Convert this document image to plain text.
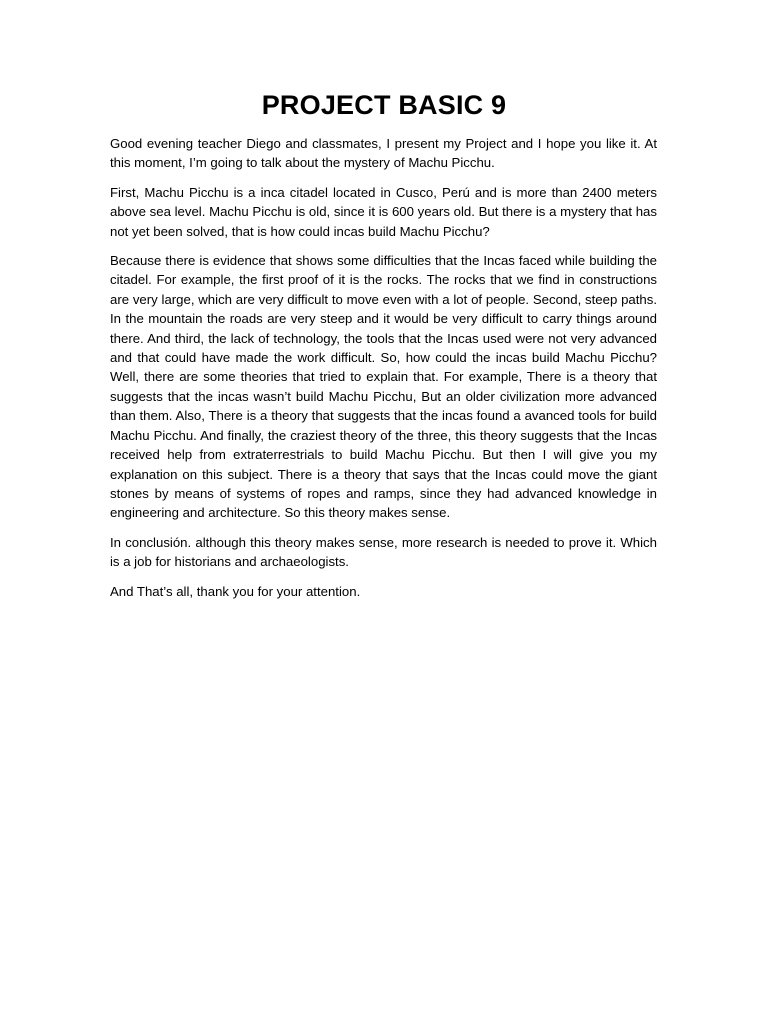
PROJECT BASIC 9

Good evening teacher Diego and classmates, I present my Project and I hope you like it. At this moment, I’m going to talk about the mystery of Machu Picchu.

First, Machu Picchu is a inca citadel located in Cusco, Perú and is more than 2400 meters above sea level. Machu Picchu is old, since it is 600 years old. But there is a mystery that has not yet been solved, that is how could incas build Machu Picchu?

Because there is evidence that shows some difficulties that the Incas faced while building the citadel. For example, the first proof of it is the rocks. The rocks that we find in constructions are very large, which are very difficult to move even with a lot of people. Second, steep paths. In the mountain the roads are very steep and it would be very difficult to carry things around there. And third, the lack of technology, the tools that the Incas used were not very advanced and that could have made the work difficult. So, how could the incas build Machu Picchu? Well, there are some theories that tried to explain that. For example, There is a theory that suggests that the incas wasn’t build Machu Picchu, But an older civilization more advanced than them. Also, There is a theory that suggests that the incas found a avanced tools for build Machu Picchu. And finally, the craziest theory of the three, this theory suggests that the Incas received help from extraterrestrials to build Machu Picchu. But then I will give you my explanation on this subject. There is a theory that says that the Incas could move the giant stones by means of systems of ropes and ramps, since they had advanced knowledge in engineering and architecture. So this theory makes sense.

In conclusión. although this theory makes sense, more research is needed to prove it. Which is a job for historians and archaeologists.

And That’s all, thank you for your attention.
